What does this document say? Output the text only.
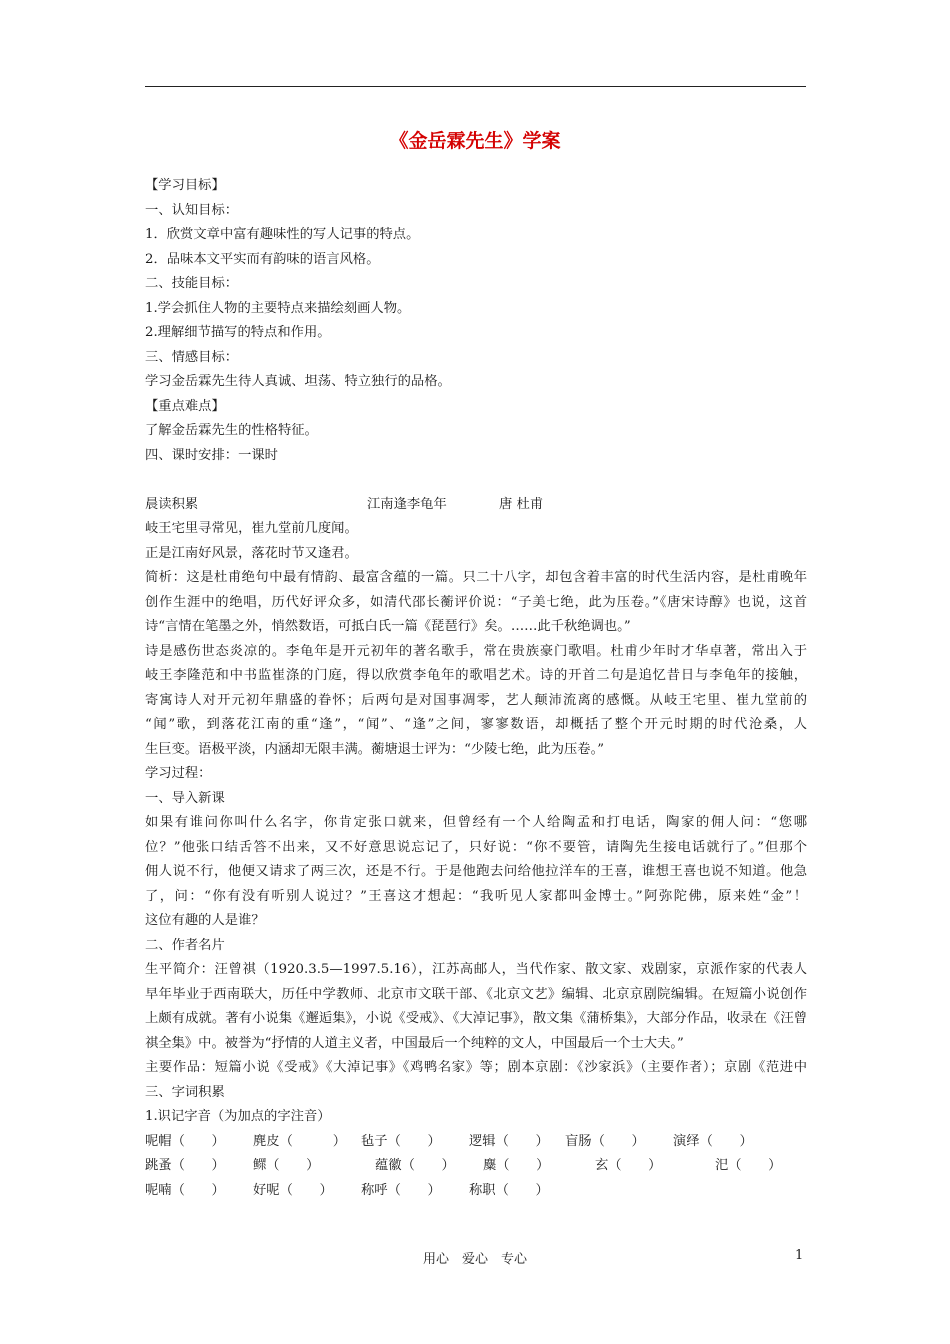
《金岳霖先生》学案
【学习目标】
一、认知目标：
1．欣赏文章中富有趣味性的写人记事的特点。
2．品味本文平实而有韵味的语言风格。
二、技能目标：
1.学会抓住人物的主要特点来描绘刻画人物。
2.理解细节描写的特点和作用。
三、情感目标：
学习金岳霖先生待人真诚、坦荡、特立独行的品格。
【重点难点】
了解金岳霖先生的性格特征。
四、课时安排：一课时
晨读积累	江南逢李龟年	唐 杜甫
岐王宅里寻常见，崔九堂前几度闻。
正是江南好风景，落花时节又逢君。
简析：这是杜甫绝句中最有情韵、最富含蕴的一篇。只二十八字，却包含着丰富的时代生活内容，是杜甫晚年
创作生涯中的绝唱，历代好评众多，如清代邵长蘅评价说：“子美七绝，此为压卷。”《唐宋诗醇》也说，这首
诗“言情在笔墨之外，悄然数语，可抵白氏一篇《琵琶行》矣。……此千秋绝调也。”
诗是感伤世态炎凉的。李龟年是开元初年的著名歌手，常在贵族豪门歌唱。杜甫少年时才华卓著，常出入于
岐王李隆范和中书监崔涤的门庭，得以欣赏李龟年的歌唱艺术。诗的开首二句是追忆昔日与李龟年的接触，
寄寓诗人对开元初年鼎盛的眷怀；后两句是对国事凋零，艺人颠沛流离的感慨。从岐王宅里、崔九堂前的
“闻”歌，到落花江南的重“逢”，“闻”、“逢”之间，寥寥数语，却概括了整个开元时期的时代沧桑，人
生巨变。语极平淡，内涵却无限丰满。蘅塘退士评为：“少陵七绝，此为压卷。”
学习过程：
一、导入新课
如果有谁问你叫什么名字，你肯定张口就来，但曾经有一个人给陶孟和打电话，陶家的佣人问：“您哪
位？”他张口结舌答不出来，又不好意思说忘记了，只好说：“你不要管，请陶先生接电话就行了。”但那个
佣人说不行，他便又请求了两三次，还是不行。于是他跑去问给他拉洋车的王喜，谁想王喜也说不知道。他急
了，问：“你有没有听别人说过？”王喜这才想起：“我听见人家都叫金博士。”阿弥陀佛，原来姓“金”！
这位有趣的人是谁？
二、作者名片
生平简介：汪曾祺（1920.3.5—1997.5.16），江苏高邮人，当代作家、散文家、戏剧家，京派作家的代表人
早年毕业于西南联大，历任中学教师、北京市文联干部、《北京文艺》编辑、北京京剧院编辑。在短篇小说创作
上颇有成就。著有小说集《邂逅集》，小说《受戒》、《大淖记事》，散文集《蒲桥集》，大部分作品，收录在《汪曾
祺全集》中。被誉为“抒情的人道主义者，中国最后一个纯粹的文人，中国最后一个士大夫。”
主要作品：短篇小说《受戒》《大淖记事》《鸡鸭名家》等；剧本京剧：《沙家浜》（主要作者）；京剧《范进中
三、字词积累
1.识记字音（为加点的字注音）
呢帽（　　）	麂皮（　　　）	毡子（　　）	逻辑（　　）	盲肠（　　）	演绎（　　）
跳蚤（　　）	鳏（　　）	蕴徽（　　）	麋（　　）	玄（　　）	汜（　　）
呢喃（　　）	好呢（　　）	称呼（　　）	称职（　　）
用心　爱心　专心	1
